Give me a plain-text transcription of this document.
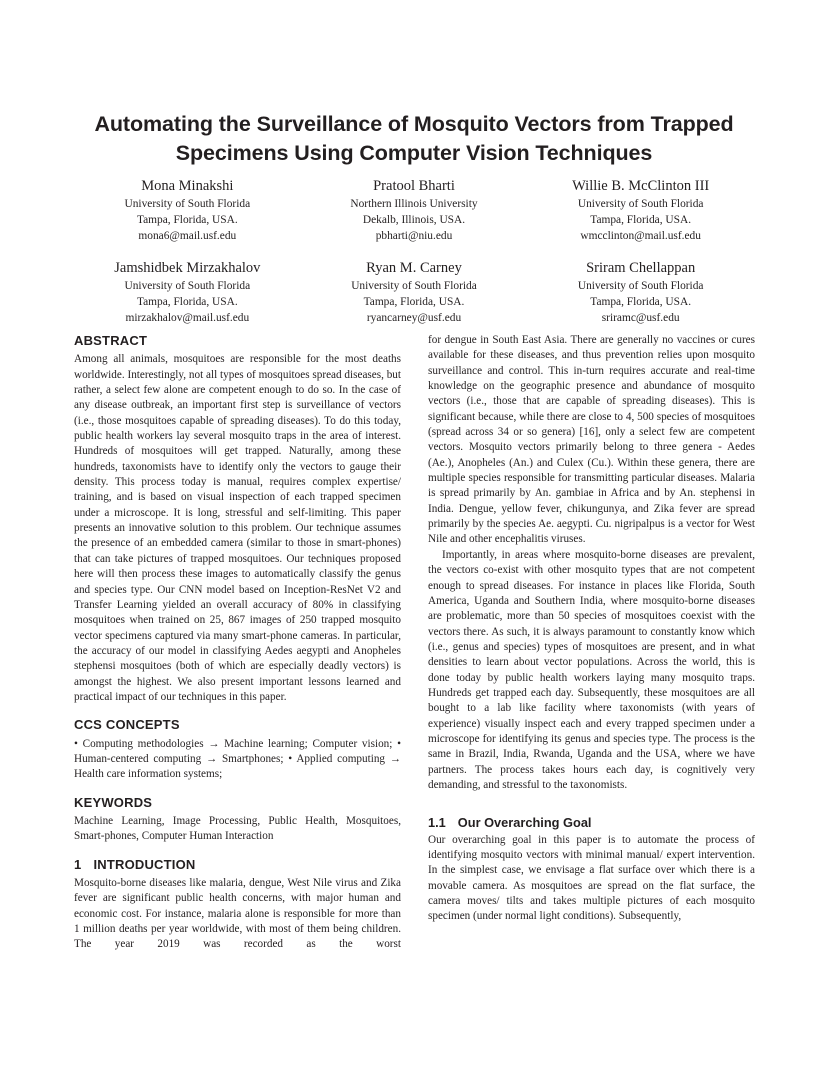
Automating the Surveillance of Mosquito Vectors from Trapped Specimens Using Computer Vision Techniques
Mona Minakshi
University of South Florida
Tampa, Florida, USA.
mona6@mail.usf.edu
Pratool Bharti
Northern Illinois University
Dekalb, Illinois, USA.
pbharti@niu.edu
Willie B. McClinton III
University of South Florida
Tampa, Florida, USA.
wmcclinton@mail.usf.edu
Jamshidbek Mirzakhalov
University of South Florida
Tampa, Florida, USA.
mirzakhalov@mail.usf.edu
Ryan M. Carney
University of South Florida
Tampa, Florida, USA.
ryancarney@usf.edu
Sriram Chellappan
University of South Florida
Tampa, Florida, USA.
sriramc@usf.edu
ABSTRACT

Among all animals, mosquitoes are responsible for the most deaths worldwide. Interestingly, not all types of mosquitoes spread diseases, but rather, a select few alone are competent enough to do so. In the case of any disease outbreak, an important first step is surveillance of vectors (i.e., those mosquitoes capable of spreading diseases). To do this today, public health workers lay several mosquito traps in the area of interest. Hundreds of mosquitoes will get trapped. Naturally, among these hundreds, taxonomists have to identify only the vectors to gauge their density. This process today is manual, requires complex expertise/ training, and is based on visual inspection of each trapped specimen under a microscope. It is long, stressful and self-limiting. This paper presents an innovative solution to this problem. Our technique assumes the presence of an embedded camera (similar to those in smart-phones) that can take pictures of trapped mosquitoes. Our techniques proposed here will then process these images to automatically classify the genus and species type. Our CNN model based on Inception-ResNet V2 and Transfer Learning yielded an overall accuracy of 80% in classifying mosquitoes when trained on 25, 867 images of 250 trapped mosquito vector specimens captured via many smart-phone cameras. In particular, the accuracy of our model in classifying Aedes aegypti and Anopheles stephensi mosquitoes (both of which are especially deadly vectors) is amongst the highest. We also present important lessons learned and practical impact of our techniques in this paper.

CCS CONCEPTS

• Computing methodologies → Machine learning; Computer vision; • Human-centered computing → Smartphones; • Applied computing → Health care information systems;

KEYWORDS

Machine Learning, Image Processing, Public Health, Mosquitoes, Smart-phones, Computer Human Interaction

1 INTRODUCTION

Mosquito-borne diseases like malaria, dengue, West Nile virus and Zika fever are significant public health concerns, with major human and economic cost. For instance, malaria alone is responsible for more than 1 million deaths per year worldwide, with most of them being children. The year 2019 was recorded as the worst

for dengue in South East Asia. There are generally no vaccines or cures available for these diseases, and thus prevention relies upon mosquito surveillance and control. This in-turn requires accurate and real-time knowledge on the geographic presence and abundance of mosquito vectors (i.e., those that are capable of spreading diseases). This is significant because, while there are close to 4, 500 species of mosquitoes (spread across 34 or so genera) [16], only a select few are competent vectors. Mosquito vectors primarily belong to three genera - Aedes (Ae.), Anopheles (An.) and Culex (Cu.). Within these genera, there are multiple species responsible for transmitting particular diseases. Malaria is spread primarily by An. gambiae in Africa and by An. stephensi in India. Dengue, yellow fever, chikungunya, and Zika fever are spread primarily by the species Ae. aegypti. Cu. nigripalpus is a vector for West Nile and other encephalitis viruses.

Importantly, in areas where mosquito-borne diseases are prevalent, the vectors co-exist with other mosquito types that are not competent enough to spread diseases. For instance in places like Florida, South America, Uganda and Southern India, where mosquito-borne diseases are problematic, more than 50 species of mosquitoes coexist with the vectors there. As such, it is always paramount to constantly know which (i.e., genus and species) types of mosquitoes are present, and in what densities to learn about vector populations. Across the world, this is done today by public health workers laying many mosquito traps. Hundreds get trapped each day. Subsequently, these mosquitoes are all bought to a lab like facility where taxonomists (with years of experience) visually inspect each and every trapped specimen under a microscope for identifying its genus and species type. The process is the same in Brazil, India, Rwanda, Uganda and the USA, where we have partners. The process takes hours each day, is cognitively very demanding, and stressful to the taxonomists.

1.1 Our Overarching Goal

Our overarching goal in this paper is to automate the process of identifying mosquito vectors with minimal manual/ expert intervention. In the simplest case, we envisage a flat surface over which there is a movable camera. As mosquitoes are spread on the flat surface, the camera moves/ tilts and takes multiple pictures of each mosquito specimen (under normal light conditions). Subsequently,
